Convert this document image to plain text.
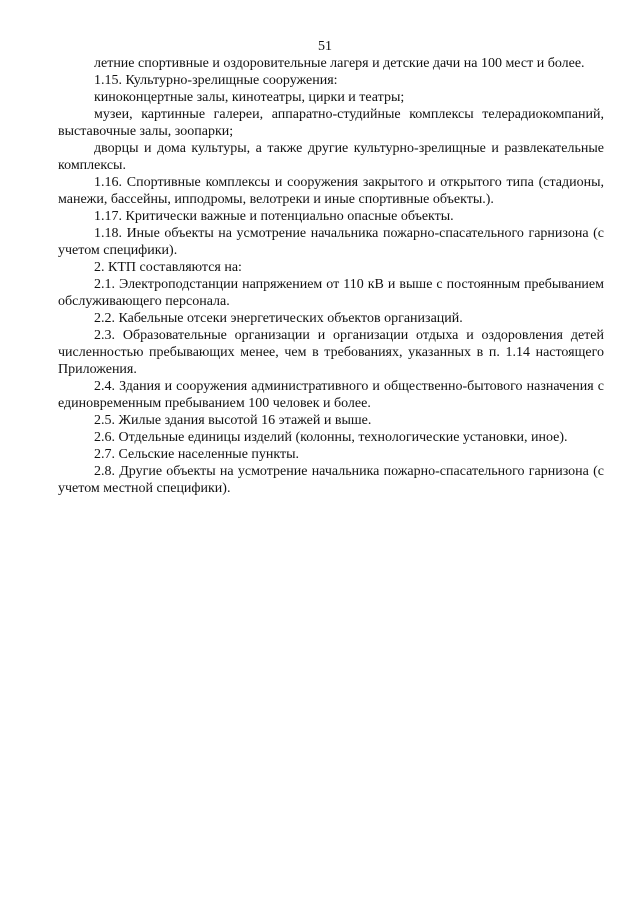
51

летние спортивные и оздоровительные лагеря и детские дачи на 100 мест и более.

1.15. Культурно-зрелищные сооружения:

киноконцертные залы, кинотеатры, цирки и театры;

музеи, картинные галереи, аппаратно-студийные комплексы телерадиокомпаний, выставочные залы, зоопарки;

дворцы и дома культуры, а также другие культурно-зрелищные и развлекательные комплексы.

1.16. Спортивные комплексы и сооружения закрытого и открытого типа (стадионы, манежи, бассейны, ипподромы, велотреки и иные спортивные объекты.).

1.17. Критически важные и потенциально опасные объекты.

1.18. Иные объекты на усмотрение начальника пожарно-спасательного гарнизона (с учетом специфики).

2. КТП составляются на:

2.1. Электроподстанции напряжением от 110 кВ и выше с постоянным пребыванием обслуживающего персонала.

2.2. Кабельные отсеки энергетических объектов организаций.

2.3. Образовательные организации и организации отдыха и оздоровления детей численностью пребывающих менее, чем в требованиях, указанных в п. 1.14 настоящего Приложения.

2.4. Здания и сооружения административного и общественно-бытового назначения с единовременным пребыванием 100 человек и более.

2.5. Жилые здания высотой 16 этажей и выше.

2.6. Отдельные единицы изделий (колонны, технологические установки, иное).

2.7. Сельские населенные пункты.

2.8. Другие объекты на усмотрение начальника пожарно-спасательного гарнизона (с учетом местной специфики).
